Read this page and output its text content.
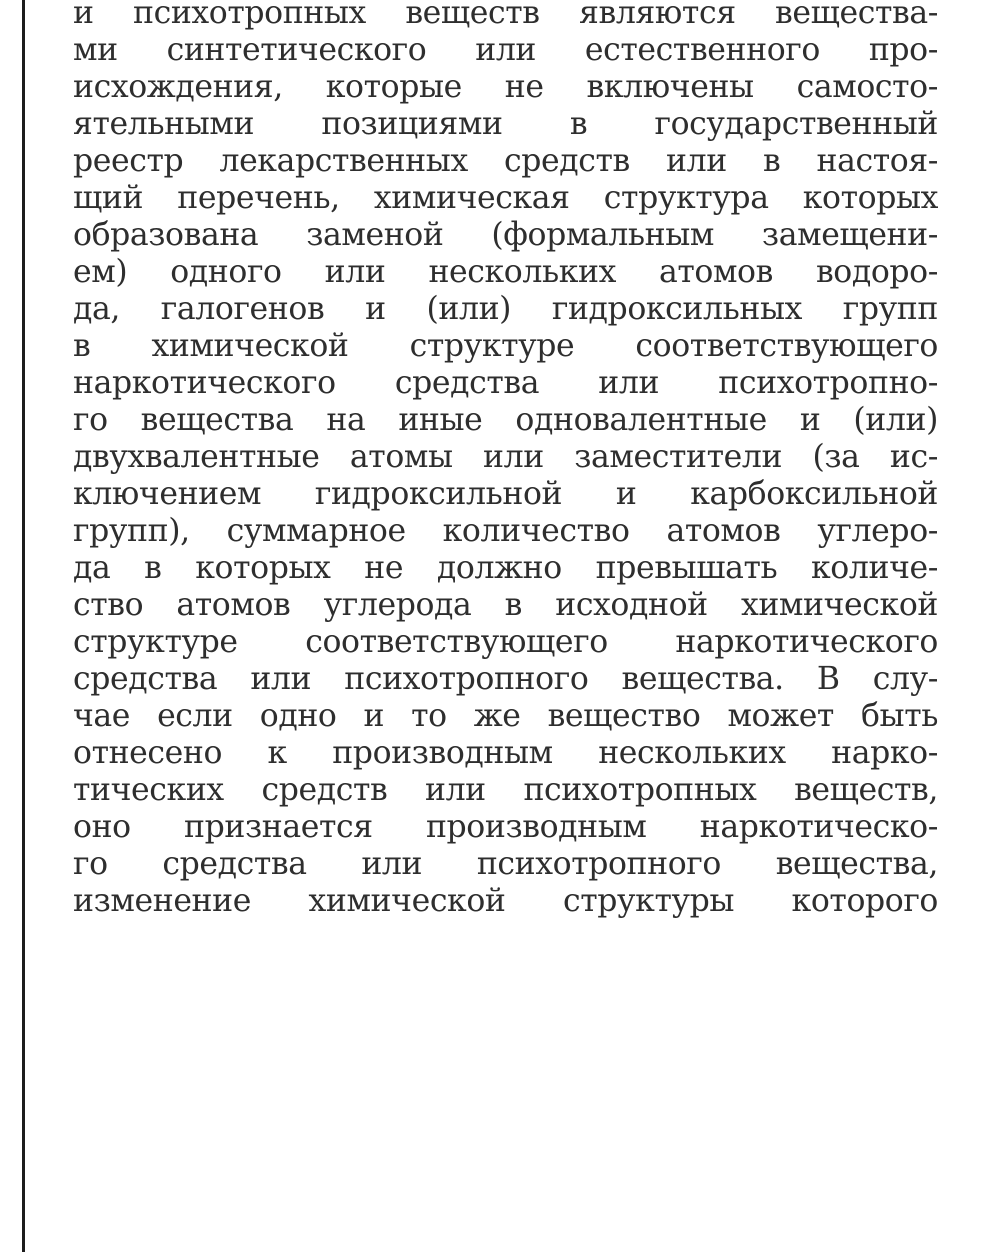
и психотропных веществ являются вещества-
ми синтетического или естественного про-
исхождения, которые не включены самосто-
ятельными позициями в государственный
реестр лекарственных средств или в настоя-
щий перечень, химическая структура которых
образована заменой (формальным замещени-
ем) одного или нескольких атомов водоро-
да, галогенов и (или) гидроксильных групп
в химической структуре соответствующего
наркотического средства или психотропно-
го вещества на иные одновалентные и (или)
двухвалентные атомы или заместители (за ис-
ключением гидроксильной и карбоксильной
групп), суммарное количество атомов углеро-
да в которых не должно превышать количе-
ство атомов углерода в исходной химической
структуре соответствующего наркотического
средства или психотропного вещества. В слу-
чае если одно и то же вещество может быть
отнесено к производным нескольких нарко-
тических средств или психотропных веществ,
оно признается производным наркотическо-
го средства или психотропного вещества,
изменение химической структуры которого
